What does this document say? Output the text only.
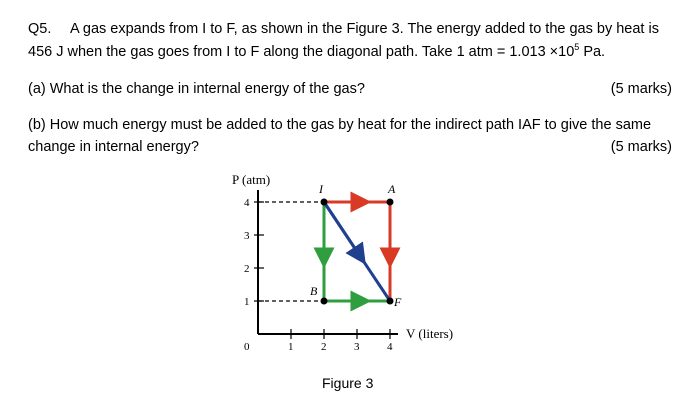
Q5. A gas expands from I to F, as shown in the Figure 3. The energy added to the gas by heat is
456 J when the gas goes from I to F along the diagonal path. Take 1 atm = $1.013 \times 10^5$ Pa.
(a) What is the change in internal energy of the gas?	(5 marks)
(b) How much energy must be added to the gas by heat for the indirect path IAF to give the same
change in internal energy?	(5 marks)
P (atm)
V (liters)
1
2
3
4
0	1	2	3	4
I	A
B
F
Figure 3
